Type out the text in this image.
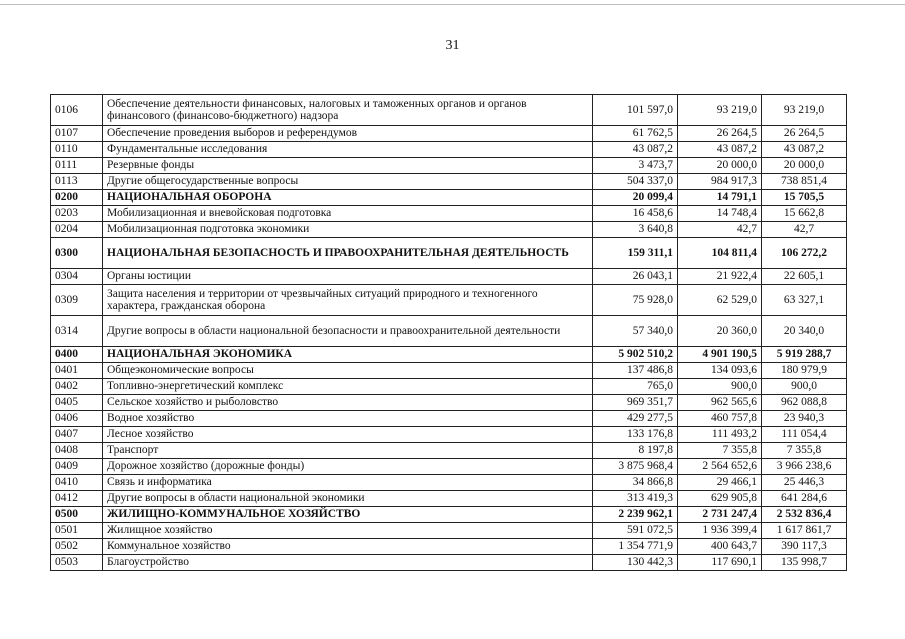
31
0106	Обеспечение деятельности финансовых, налоговых и таможенных органов и органов финансового (финансово-бюджетного) надзора	101 597,0	93 219,0	93 219,0
0107	Обеспечение проведения выборов и референдумов	61 762,5	26 264,5	26 264,5
0110	Фундаментальные исследования	43 087,2	43 087,2	43 087,2
0111	Резервные фонды	3 473,7	20 000,0	20 000,0
0113	Другие общегосударственные вопросы	504 337,0	984 917,3	738 851,4
0200	НАЦИОНАЛЬНАЯ ОБОРОНА	20 099,4	14 791,1	15 705,5
0203	Мобилизационная и вневойсковая подготовка	16 458,6	14 748,4	15 662,8
0204	Мобилизационная подготовка экономики	3 640,8	42,7	42,7
0300	НАЦИОНАЛЬНАЯ БЕЗОПАСНОСТЬ И ПРАВООХРАНИТЕЛЬНАЯ ДЕЯТЕЛЬНОСТЬ	159 311,1	104 811,4	106 272,2
0304	Органы юстиции	26 043,1	21 922,4	22 605,1
0309	Защита населения и территории от чрезвычайных ситуаций природного и техногенного характера, гражданская оборона	75 928,0	62 529,0	63 327,1
0314	Другие вопросы в области национальной безопасности и правоохранительной деятельности	57 340,0	20 360,0	20 340,0
0400	НАЦИОНАЛЬНАЯ ЭКОНОМИКА	5 902 510,2	4 901 190,5	5 919 288,7
0401	Общеэкономические вопросы	137 486,8	134 093,6	180 979,9
0402	Топливно-энергетический комплекс	765,0	900,0	900,0
0405	Сельское хозяйство и рыболовство	969 351,7	962 565,6	962 088,8
0406	Водное хозяйство	429 277,5	460 757,8	23 940,3
0407	Лесное хозяйство	133 176,8	111 493,2	111 054,4
0408	Транспорт	8 197,8	7 355,8	7 355,8
0409	Дорожное хозяйство (дорожные фонды)	3 875 968,4	2 564 652,6	3 966 238,6
0410	Связь и информатика	34 866,8	29 466,1	25 446,3
0412	Другие вопросы в области национальной экономики	313 419,3	629 905,8	641 284,6
0500	ЖИЛИЩНО-КОММУНАЛЬНОЕ ХОЗЯЙСТВО	2 239 962,1	2 731 247,4	2 532 836,4
0501	Жилищное хозяйство	591 072,5	1 936 399,4	1 617 861,7
0502	Коммунальное хозяйство	1 354 771,9	400 643,7	390 117,3
0503	Благоустройство	130 442,3	117 690,1	135 998,7
